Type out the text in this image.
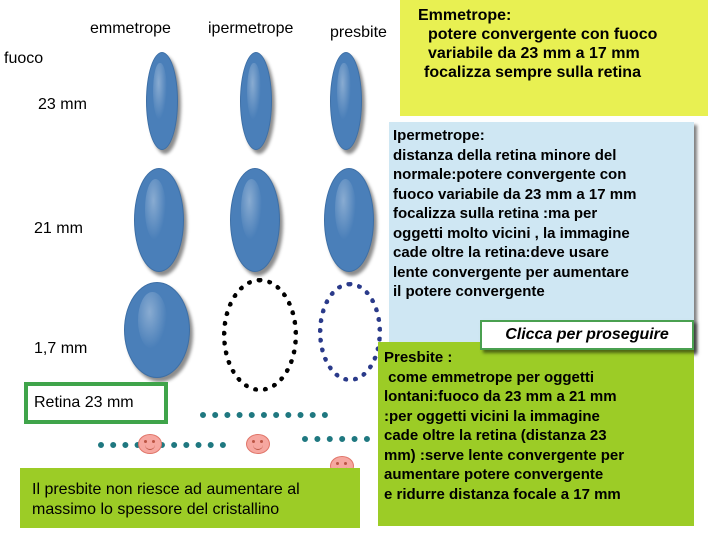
emmetrope	ipermetrope	presbite
fuoco
23 mm
21 mm
1,7 mm
Retina 23 mm
Il presbite non riesce ad aumentare al
massimo lo spessore del cristallino
Emmetrope:
potere convergente con fuoco
variabile da 23 mm a 17 mm
focalizza sempre sulla retina
Ipermetrope:
distanza della retina minore del
normale:potere convergente con
fuoco variabile da 23 mm a 17 mm
focalizza sulla retina :ma per
oggetti molto vicini , la immagine
cade oltre la retina:deve usare
lente convergente per aumentare
il potere convergente
Presbite :
come emmetrope per oggetti
lontani:fuoco da 23 mm a 21 mm
:per oggetti vicini la immagine
cade oltre la retina (distanza 23
mm) :serve lente convergente per
aumentare potere convergente
e ridurre distanza focale a 17 mm
Clicca per proseguire
